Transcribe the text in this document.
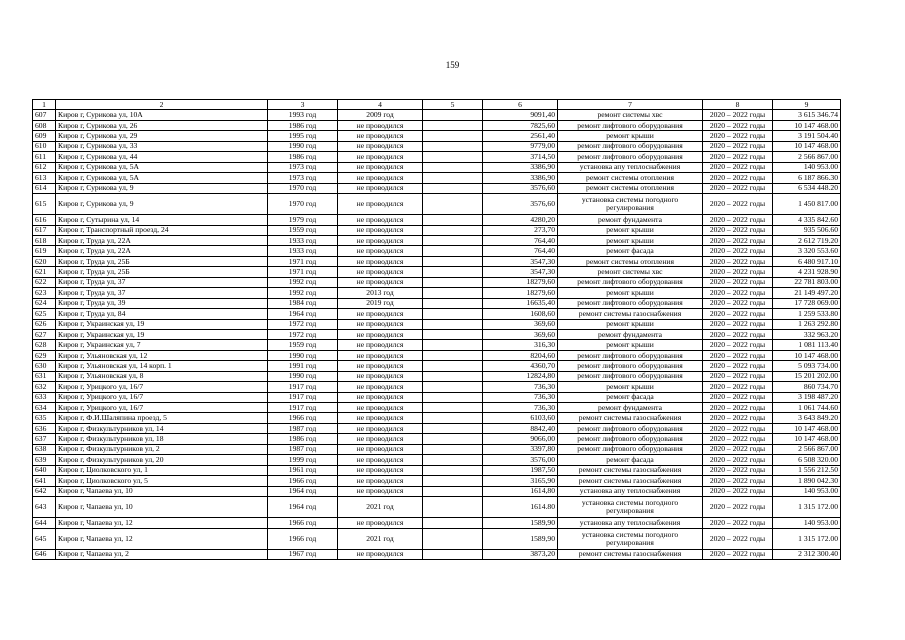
159
1	2	3	4	5	6	7	8	9
607	Киров г, Сурикова ул, 10А	1993 год	2009 год		9091,40	ремонт системы хвс	2020 – 2022 годы	3 615 346.74
608	Киров г, Сурикова ул, 26	1986 год	не проводился		7825,60	ремонт лифтового оборудования	2020 – 2022 годы	10 147 468.00
609	Киров г, Сурикова ул, 29	1995 год	не проводился		2561,40	ремонт крыши	2020 – 2022 годы	3 191 504.40
610	Киров г, Сурикова ул, 33	1990 год	не проводился		9779,00	ремонт лифтового оборудования	2020 – 2022 годы	10 147 468.00
611	Киров г, Сурикова ул, 44	1986 год	не проводился		3714,50	ремонт лифтового оборудования	2020 – 2022 годы	2 566 867.00
612	Киров г, Сурикова ул, 5А	1973 год	не проводился		3386,90	установка апу теплоснабжения	2020 – 2022 годы	140 953.00
613	Киров г, Сурикова ул, 5А	1973 год	не проводился		3386,90	ремонт системы отопления	2020 – 2022 годы	6 187 866.30
614	Киров г, Сурикова ул, 9	1970 год	не проводился		3576,60	ремонт системы отопления	2020 – 2022 годы	6 534 448.20
615	Киров г, Сурикова ул, 9	1970 год	не проводился		3576,60	установка системы погодного регулирования	2020 – 2022 годы	1 450 817.00
616	Киров г, Сутырина ул, 14	1979 год	не проводился		4280,20	ремонт фундамента	2020 – 2022 годы	4 335 842.60
617	Киров г, Транспортный проезд, 24	1959 год	не проводился		273,70	ремонт крыши	2020 – 2022 годы	935 506.60
618	Киров г, Труда ул, 22А	1933 год	не проводился		764,40	ремонт крыши	2020 – 2022 годы	2 612 719.20
619	Киров г, Труда ул, 22А	1933 год	не проводился		764,40	ремонт фасада	2020 – 2022 годы	3 320 553.60
620	Киров г, Труда ул, 25Б	1971 год	не проводился		3547,30	ремонт системы отопления	2020 – 2022 годы	6 480 917.10
621	Киров г, Труда ул, 25Б	1971 год	не проводился		3547,30	ремонт системы хвс	2020 – 2022 годы	4 231 928.90
622	Киров г, Труда ул, 37	1992 год	не проводился		18279,60	ремонт лифтового оборудования	2020 – 2022 годы	22 781 803.00
623	Киров г, Труда ул, 37	1992 год	2013 год		18279,60	ремонт крыши	2020 – 2022 годы	21 149 497.20
624	Киров г, Труда ул, 39	1984 год	2019 год		16635,40	ремонт лифтового оборудования	2020 – 2022 годы	17 728 069.00
625	Киров г, Труда ул, 84	1964 год	не проводился		1608,60	ремонт системы газоснабжения	2020 – 2022 годы	1 259 533.80
626	Киров г, Украинская ул, 19	1972 год	не проводился		369,60	ремонт крыши	2020 – 2022 годы	1 263 292.80
627	Киров г, Украинская ул, 19	1972 год	не проводился		369,60	ремонт фундамента	2020 – 2022 годы	332 963.20
628	Киров г, Украинская ул, 7	1959 год	не проводился		316,30	ремонт крыши	2020 – 2022 годы	1 081 113.40
629	Киров г, Ульяновская ул, 12	1990 год	не проводился		8204,60	ремонт лифтового оборудования	2020 – 2022 годы	10 147 468.00
630	Киров г, Ульяновская ул, 14 корп. 1	1991 год	не проводился		4360,70	ремонт лифтового оборудования	2020 – 2022 годы	5 093 734.00
631	Киров г, Ульяновская ул, 8	1990 год	не проводился		12824,80	ремонт лифтового оборудования	2020 – 2022 годы	15 201 202.00
632	Киров г, Урицкого ул, 16/7	1917 год	не проводился		736,30	ремонт крыши	2020 – 2022 годы	860 734.70
633	Киров г, Урицкого ул, 16/7	1917 год	не проводился		736,30	ремонт фасада	2020 – 2022 годы	3 198 487.20
634	Киров г, Урицкого ул, 16/7	1917 год	не проводился		736,30	ремонт фундамента	2020 – 2022 годы	1 061 744.60
635	Киров г, Ф.И.Шаляпина проезд, 5	1966 год	не проводился		6103,60	ремонт системы газоснабжения	2020 – 2022 годы	3 643 849.20
636	Киров г, Физкультурников ул, 14	1987 год	не проводился		8842,40	ремонт лифтового оборудования	2020 – 2022 годы	10 147 468.00
637	Киров г, Физкультурников ул, 18	1986 год	не проводился		9066,00	ремонт лифтового оборудования	2020 – 2022 годы	10 147 468.00
638	Киров г, Физкультурников ул, 2	1987 год	не проводился		3397,80	ремонт лифтового оборудования	2020 – 2022 годы	2 566 867.00
639	Киров г, Физкультурников ул, 20	1999 год	не проводился		3576,00	ремонт фасада	2020 – 2022 годы	6 508 320.00
640	Киров г, Циолковского ул, 1	1961 год	не проводился		1987,50	ремонт системы газоснабжения	2020 – 2022 годы	1 556 212.50
641	Киров г, Циолковского ул, 5	1966 год	не проводился		3165,90	ремонт системы газоснабжения	2020 – 2022 годы	1 890 042.30
642	Киров г, Чапаева ул, 10	1964 год	не проводился		1614,80	установка апу теплоснабжения	2020 – 2022 годы	140 953.00
643	Киров г, Чапаева ул, 10	1964 год	2021 год		1614.80	установка системы погодного регулирования	2020 – 2022 годы	1 315 172.00
644	Киров г, Чапаева ул, 12	1966 год	не проводился		1589,90	установка апу теплоснабжения	2020 – 2022 годы	140 953.00
645	Киров г, Чапаева ул, 12	1966 год	2021 год		1589,90	установка системы погодного регулирования	2020 – 2022 годы	1 315 172.00
646	Киров г, Чапаева ул, 2	1967 год	не проводился		3873,20	ремонт системы газоснабжения	2020 – 2022 годы	2 312 300.40
